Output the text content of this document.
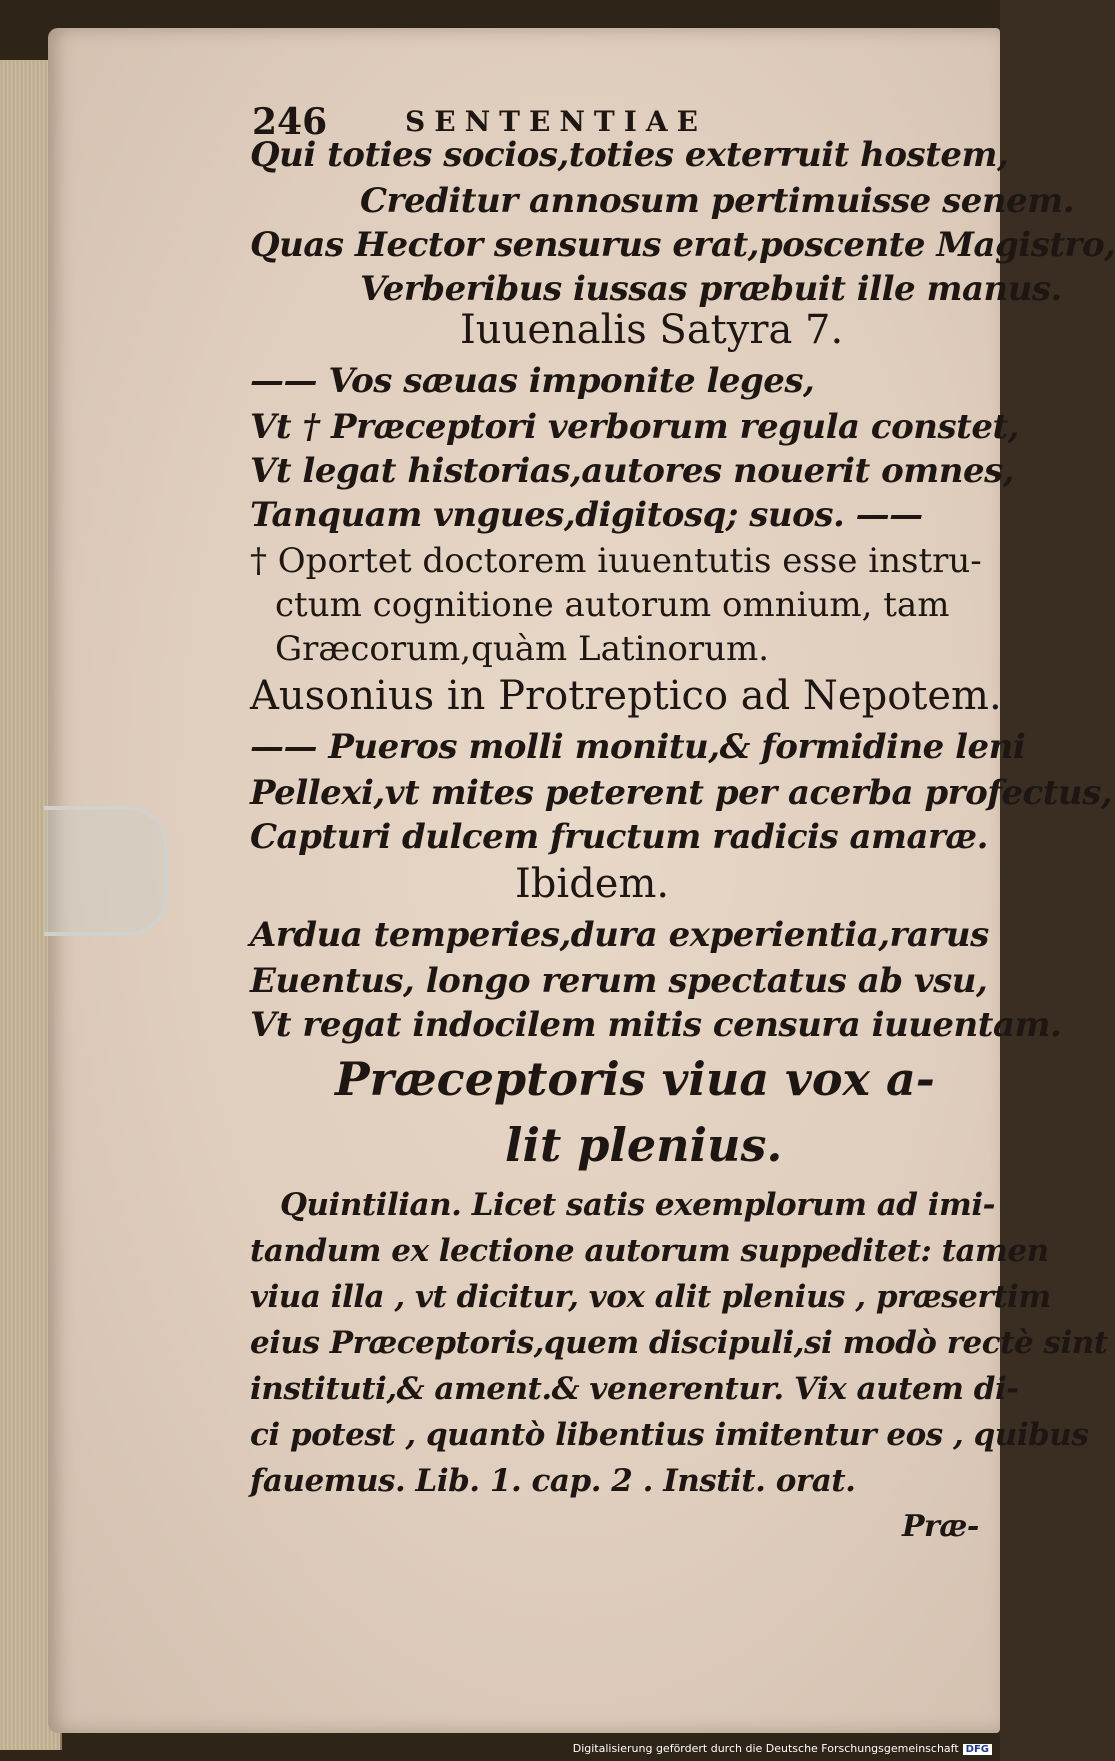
246	SENTENTIAE
Qui toties socios,toties exterruit hostem,
Creditur annosum pertimuisse senem.
Quas Hector sensurus erat,poscente Magistro,
Verberibus iussas præbuit ille manus.
Iuuenalis Satyra 7.
—— Vos sæuas imponite leges,
Vt † Præceptori verborum regula constet,
Vt legat historias,autores nouerit omnes,
Tanquam vngues,digitosq; suos. ——
† Oportet doctorem iuuentutis esse instru-
ctum cognitione autorum omnium, tam
Græcorum,quàm Latinorum.
Ausonius in Protreptico ad Nepotem.
—— Pueros molli monitu,& formidine leni
Pellexi,vt mites peterent per acerba profectus,
Capturi dulcem fructum radicis amaræ.
Ibidem.
Ardua temperies,dura experientia,rarus
Euentus, longo rerum spectatus ab vsu,
Vt regat indocilem mitis censura iuuentam.
Præceptoris viua vox a-
lit plenius.
Quintilian. Licet satis exemplorum ad imi-
tandum ex lectione autorum suppeditet: tamen
viua illa , vt dicitur, vox alit plenius , præsertim
eius Præceptoris,quem discipuli,si modò rectè sint
instituti,& ament.& venerentur. Vix autem di-
ci potest , quantò libentius imitentur eos , quibus
fauemus. Lib. 1. cap. 2 . Instit. orat.
Præ-
Digitalisierung gefördert durch die Deutsche Forschungsgemeinschaft DFG
